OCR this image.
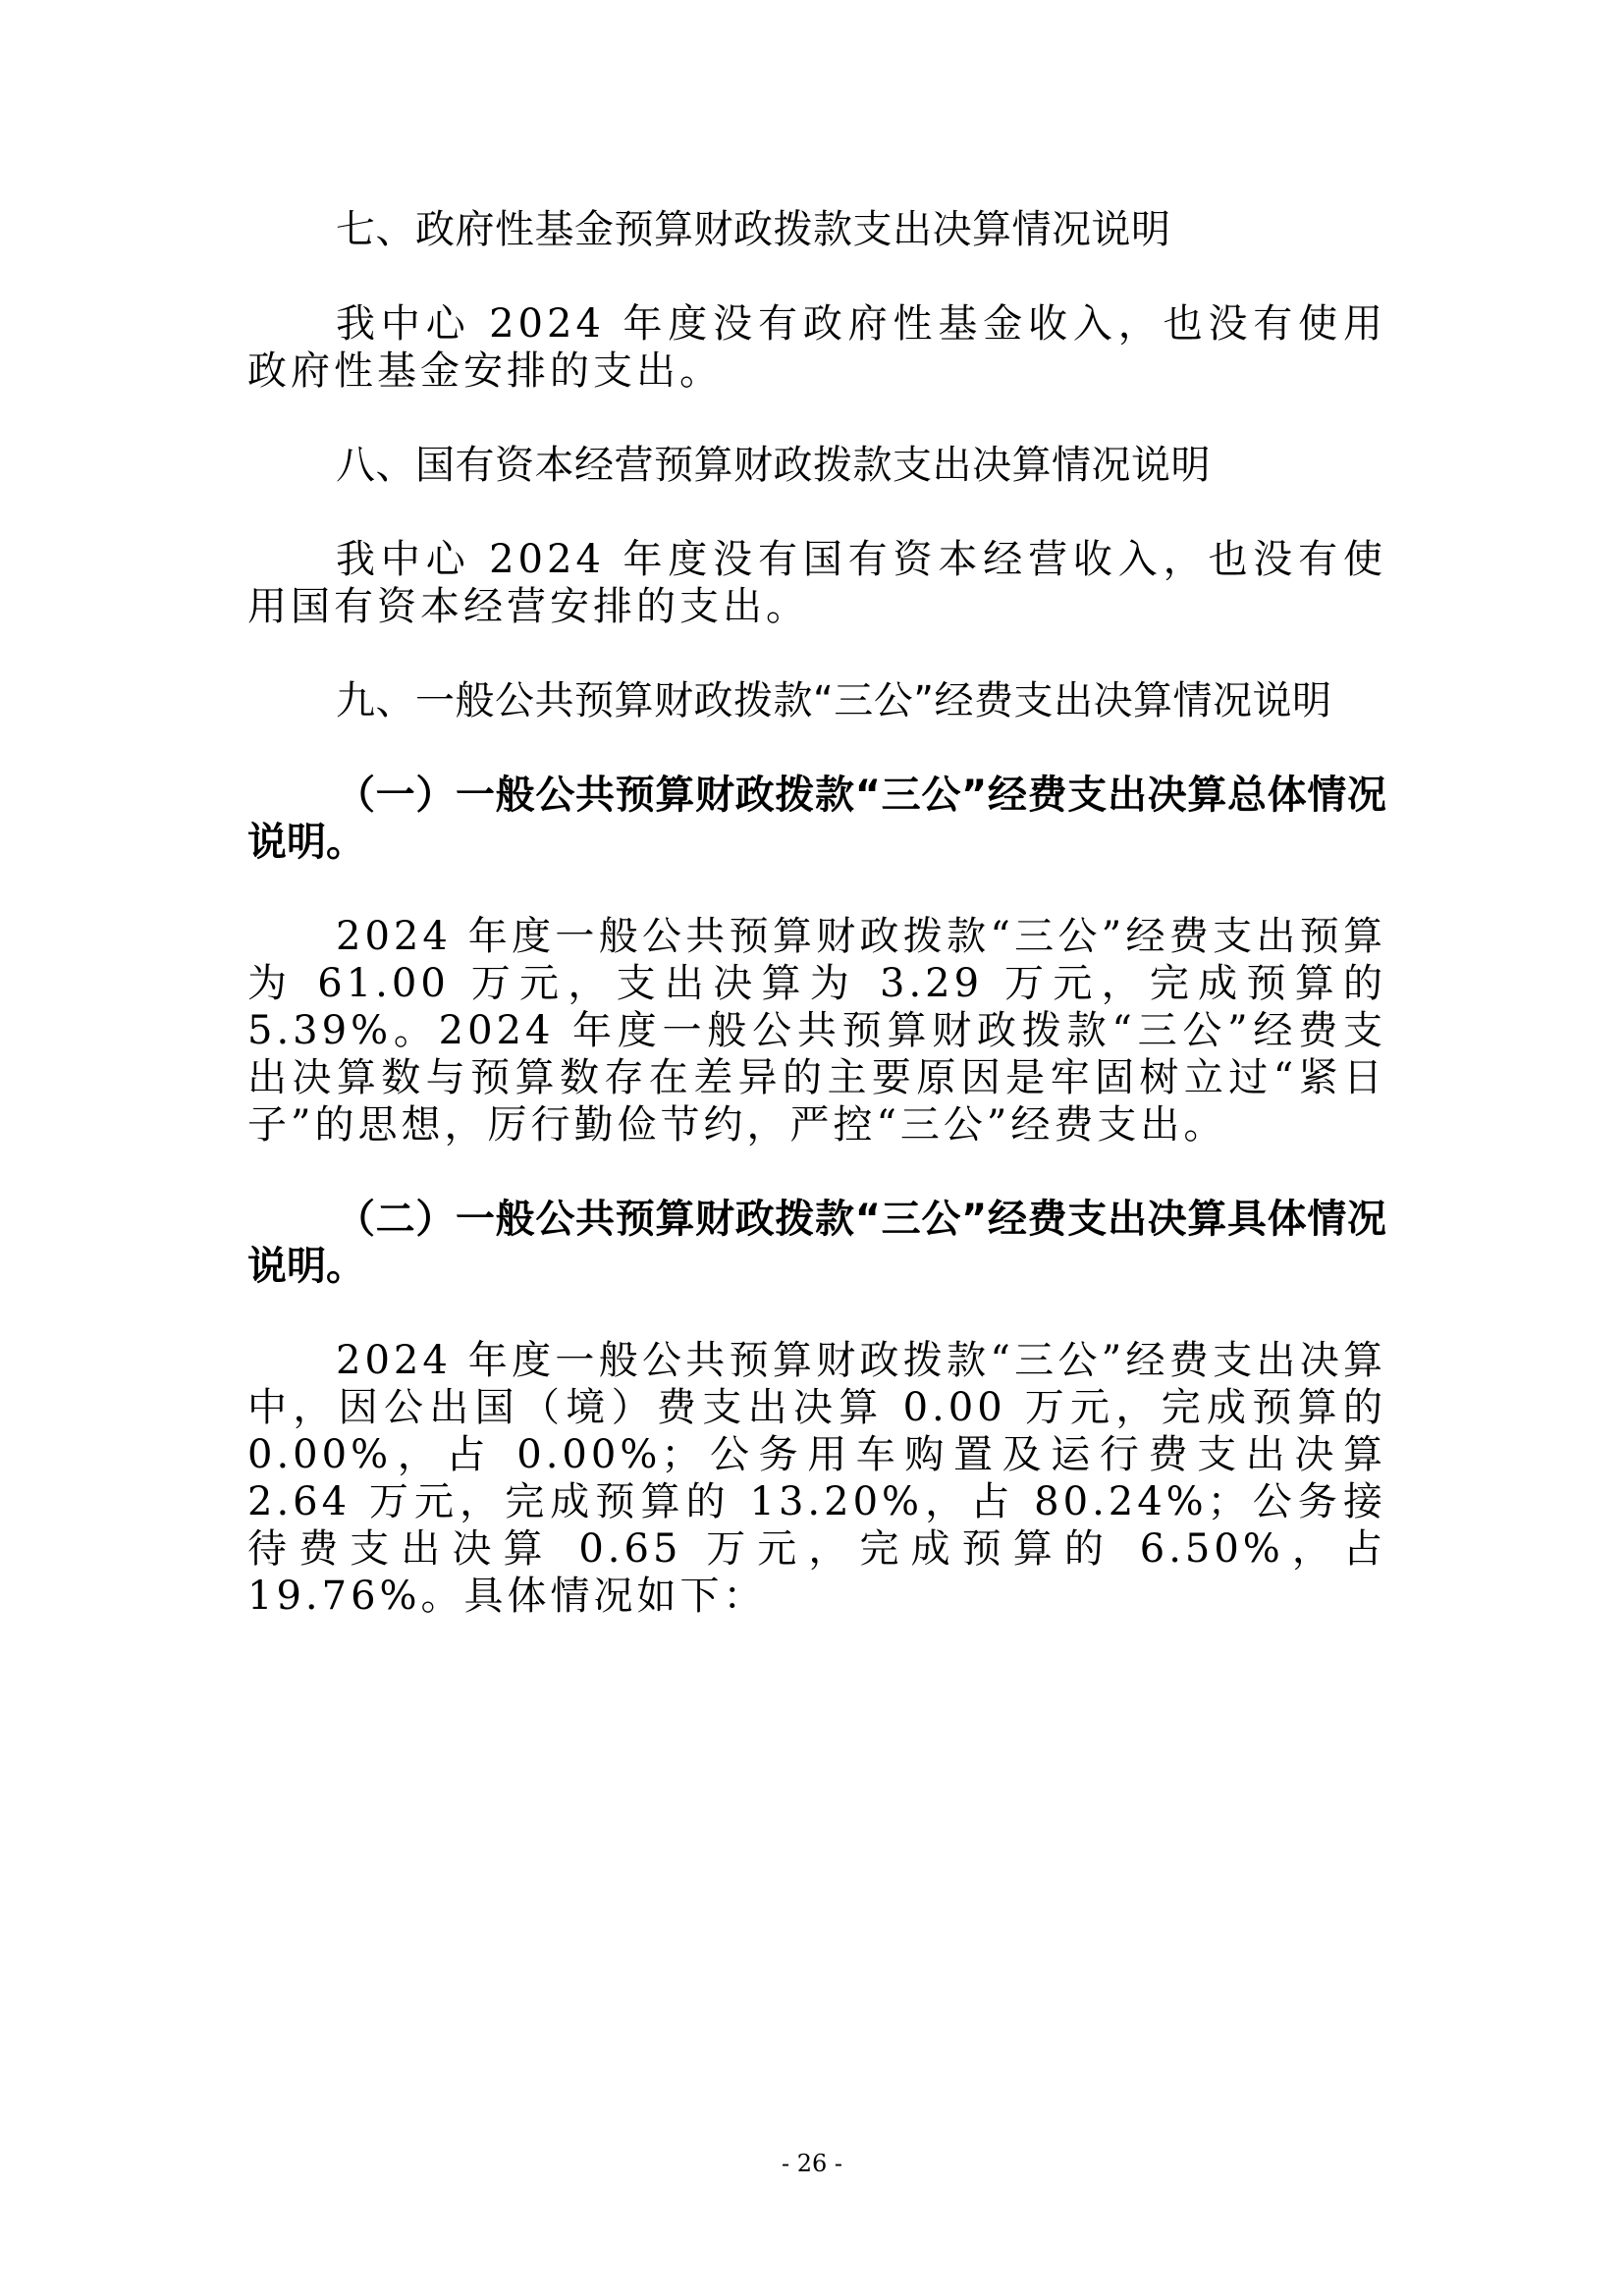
七、政府性基金预算财政拨款支出决算情况说明

我中心 2024 年度没有政府性基金收入，也没有使用政府性基金安排的支出。

八、国有资本经营预算财政拨款支出决算情况说明

我中心 2024 年度没有国有资本经营收入，也没有使用国有资本经营安排的支出。

九、一般公共预算财政拨款“三公”经费支出决算情况说明

（一）一般公共预算财政拨款“三公”经费支出决算总体情况说明。

2024 年度一般公共预算财政拨款“三公”经费支出预算为 61.00 万元，支出决算为 3.29 万元，完成预算的 5.39%。2024 年度一般公共预算财政拨款“三公”经费支出决算数与预算数存在差异的主要原因是牢固树立过“紧日子”的思想，厉行勤俭节约，严控“三公”经费支出。

（二）一般公共预算财政拨款“三公”经费支出决算具体情况说明。

2024 年度一般公共预算财政拨款“三公”经费支出决算中，因公出国（境）费支出决算 0.00 万元，完成预算的 0.00%，占 0.00%；公务用车购置及运行费支出决算 2.64 万元，完成预算的 13.20%，占 80.24%；公务接待费支出决算 0.65 万元，完成预算的 6.50%，占 19.76%。具体情况如下：

- 26 -
